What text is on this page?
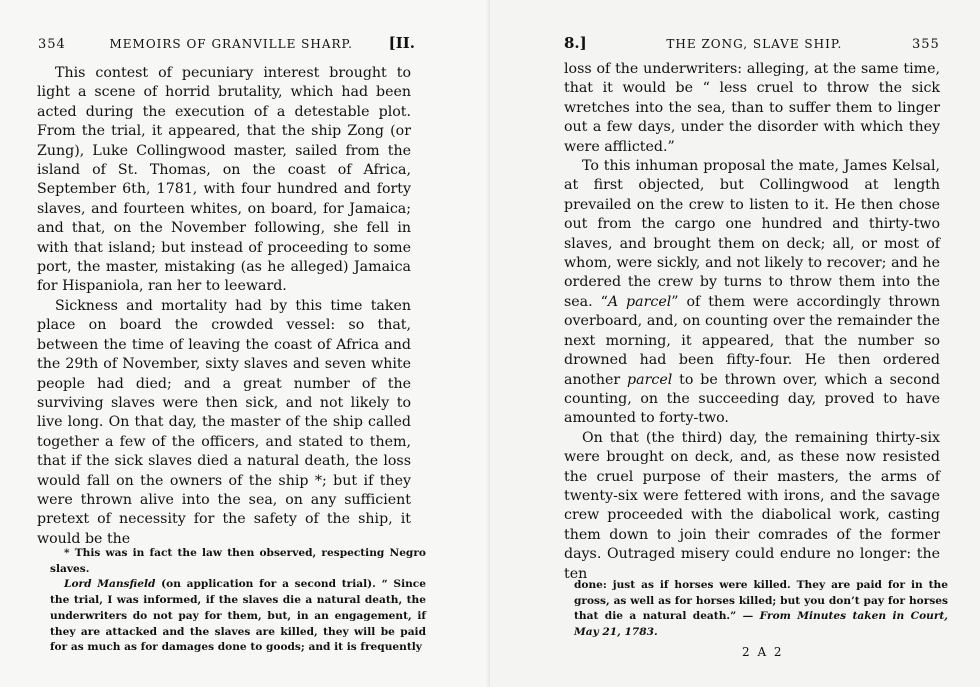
354	MEMOIRS OF GRANVILLE SHARP. [II.

This contest of pecuniary interest brought to light a scene of horrid brutality, which had been acted during the execution of a detestable plot. From the trial, it appeared, that the ship Zong (or Zung), Luke Collingwood master, sailed from the island of St. Thomas, on the coast of Africa, September 6th, 1781, with four hundred and forty slaves, and fourteen whites, on board, for Jamaica; and that, on the November following, she fell in with that island; but instead of proceeding to some port, the master, mistaking (as he alleged) Jamaica for Hispaniola, ran her to leeward.

Sickness and mortality had by this time taken place on board the crowded vessel: so that, between the time of leaving the coast of Africa and the 29th of November, sixty slaves and seven white people had died; and a great number of the surviving slaves were then sick, and not likely to live long. On that day, the master of the ship called together a few of the officers, and stated to them, that if the sick slaves died a natural death, the loss would fall on the owners of the ship *; but if they were thrown alive into the sea, on any sufficient pretext of necessity for the safety of the ship, it would be the

* This was in fact the law then observed, respecting Negro slaves.

Lord Mansfield (on application for a second trial). “ Since the trial, I was informed, if the slaves die a natural death, the underwriters do not pay for them, but, in an engagement, if they are attacked and the slaves are killed, they will be paid for as much as for damages done to goods; and it is frequently

8.]	THE ZONG, SLAVE SHIP.	355

loss of the underwriters: alleging, at the same time, that it would be “ less cruel to throw the sick wretches into the sea, than to suffer them to linger out a few days, under the disorder with which they were afflicted.”

To this inhuman proposal the mate, James Kelsal, at first objected, but Collingwood at length prevailed on the crew to listen to it. He then chose out from the cargo one hundred and thirty-two slaves, and brought them on deck; all, or most of whom, were sickly, and not likely to recover; and he ordered the crew by turns to throw them into the sea. “A parcel” of them were accordingly thrown overboard, and, on counting over the remainder the next morning, it appeared, that the number so drowned had been fifty-four. He then ordered another parcel to be thrown over, which a second counting, on the succeeding day, proved to have amounted to forty-two.

On that (the third) day, the remaining thirty-six were brought on deck, and, as these now resisted the cruel purpose of their masters, the arms of twenty-six were fettered with irons, and the savage crew proceeded with the diabolical work, casting them down to join their comrades of the former days. Outraged misery could endure no longer: the ten

done: just as if horses were killed. They are paid for in the gross, as well as for horses killed; but you don’t pay for horses that die a natural death.” — From Minutes taken in Court, May 21, 1783.

2 A 2
